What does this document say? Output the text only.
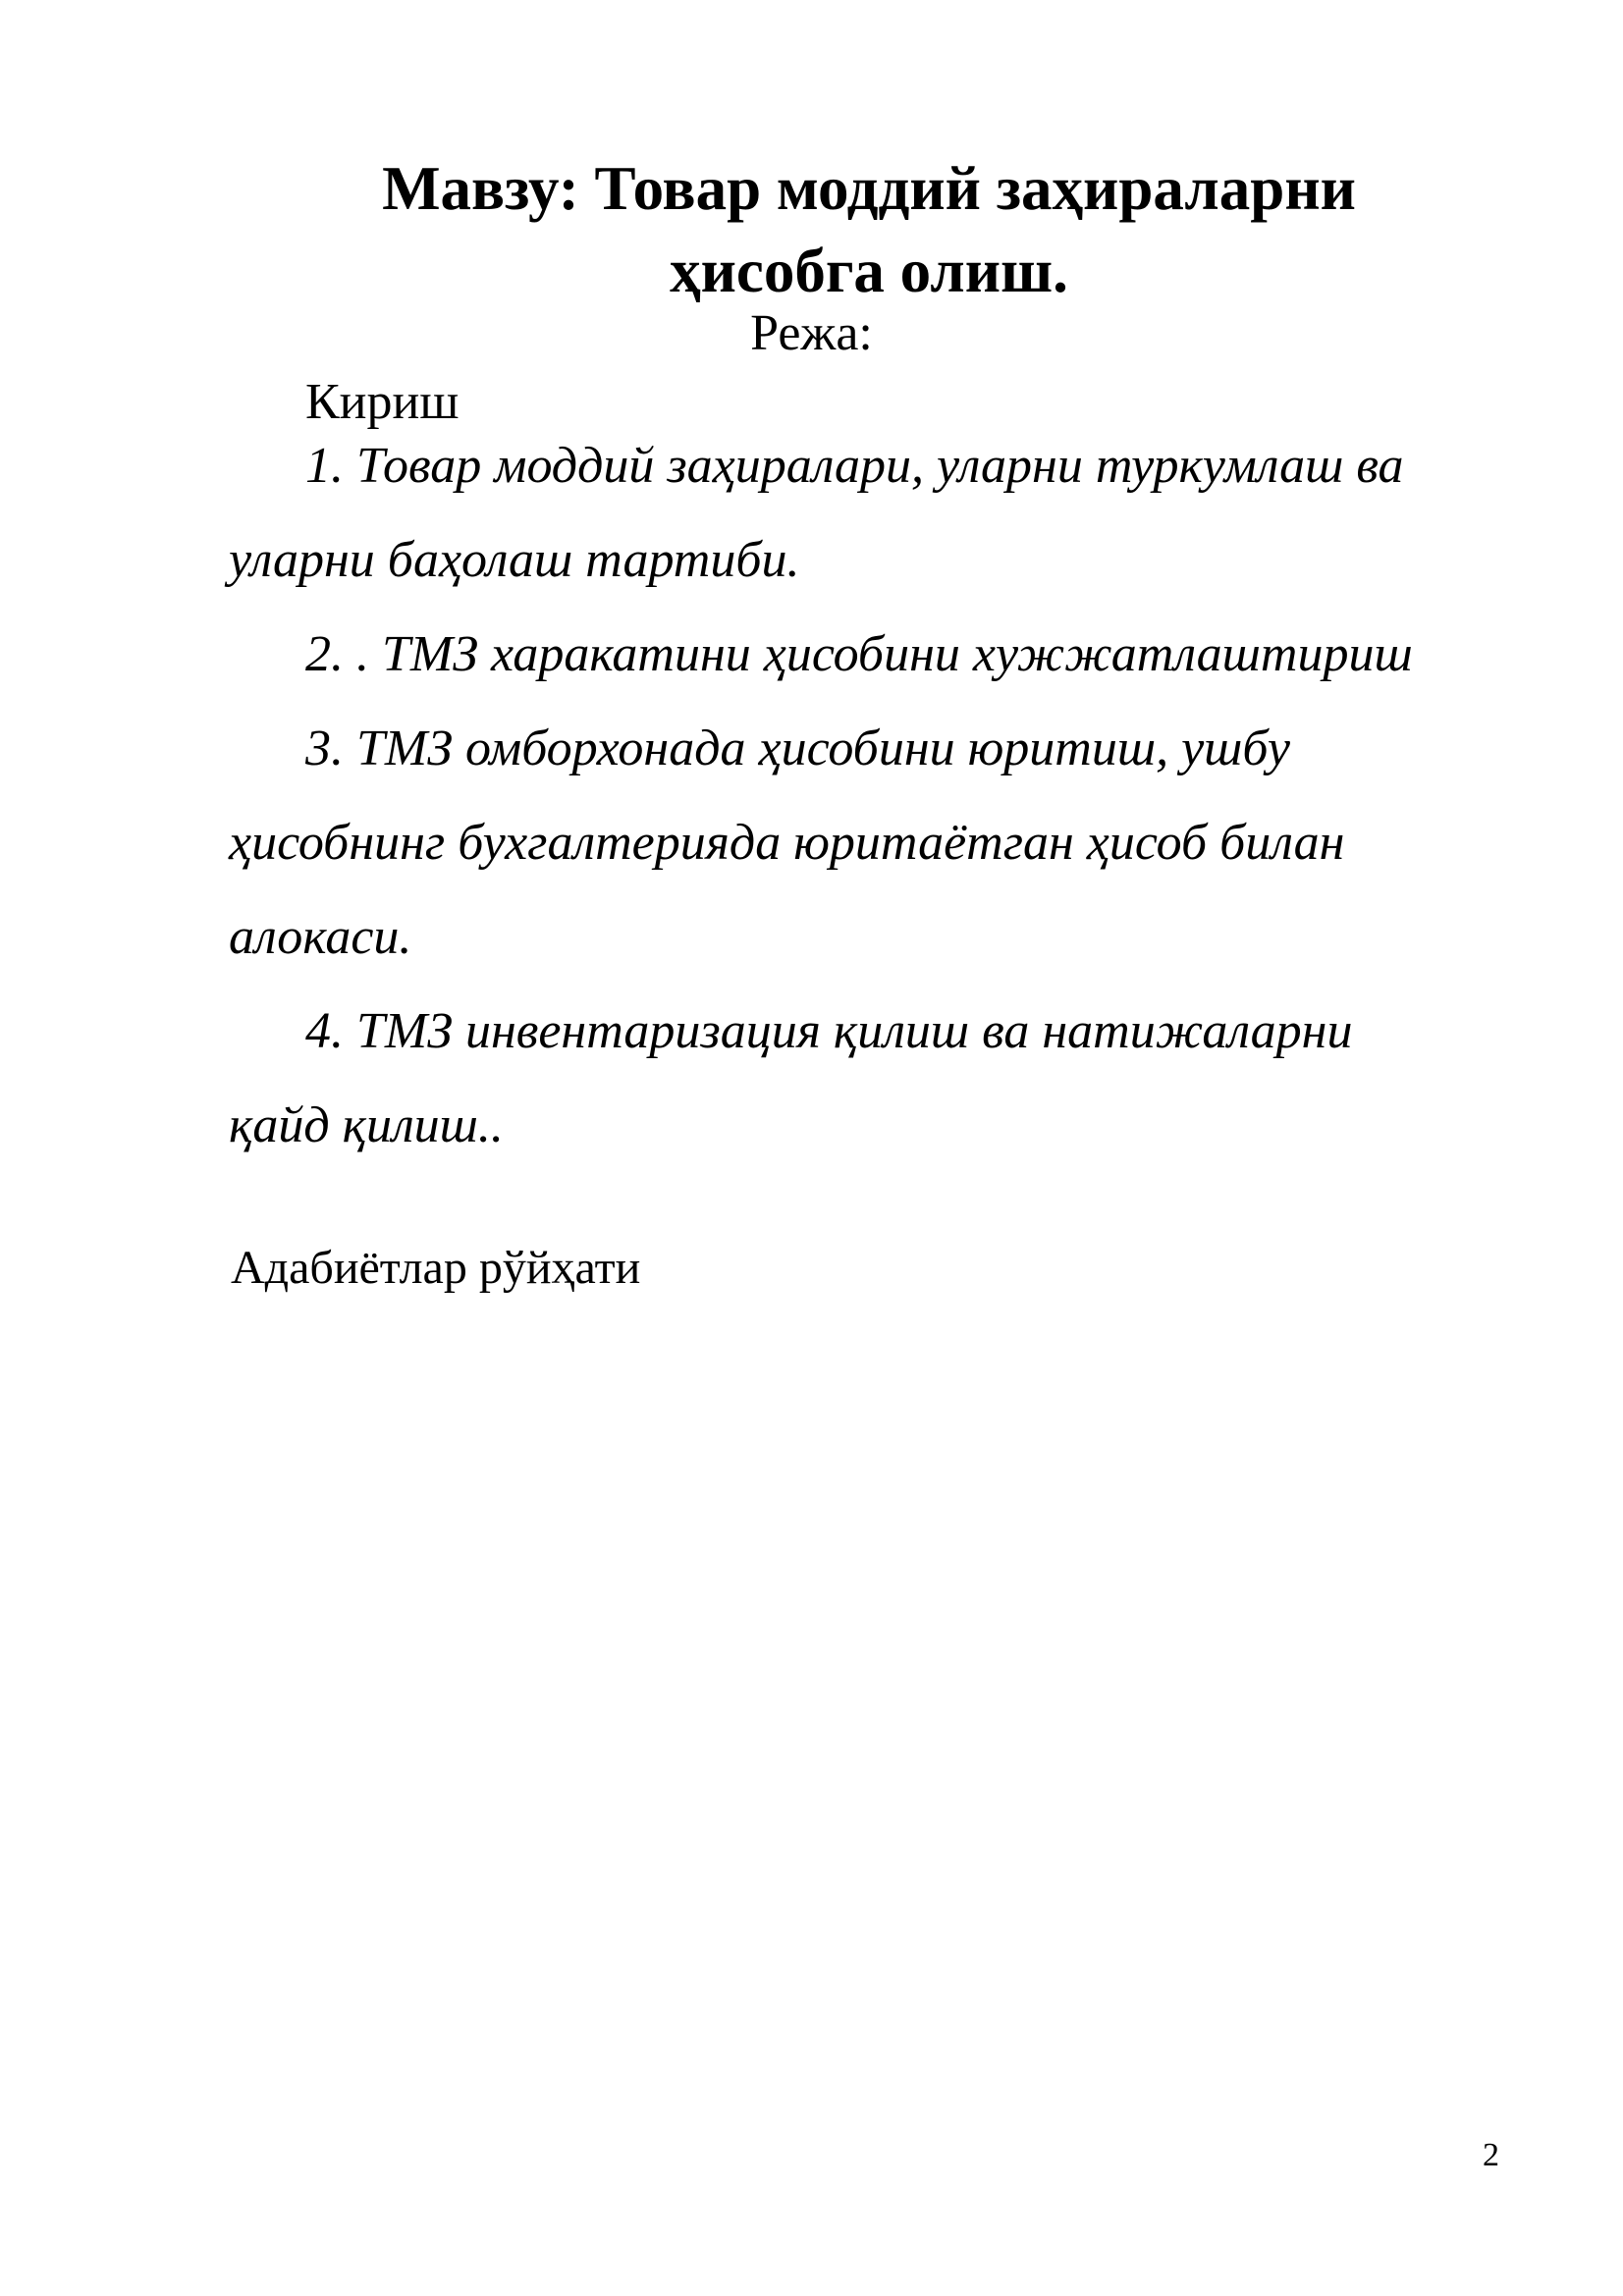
Мавзу: Товар моддий заҳираларни
ҳисобга олиш.
Режа:
Кириш
1. Товар моддий заҳиралари, уларни туркумлаш ва
уларни баҳолаш тартиби.
2. . ТМЗ харакатини ҳисобини хужжатлаштириш
3. ТМЗ омборхонада ҳисобини юритиш, ушбу
ҳисобнинг бухгалтерияда юритаётган ҳисоб билан
алокаси.
4. ТМЗ инвентаризация қилиш ва натижаларни
қайд қилиш..
Адабиётлар рўйҳати
2
